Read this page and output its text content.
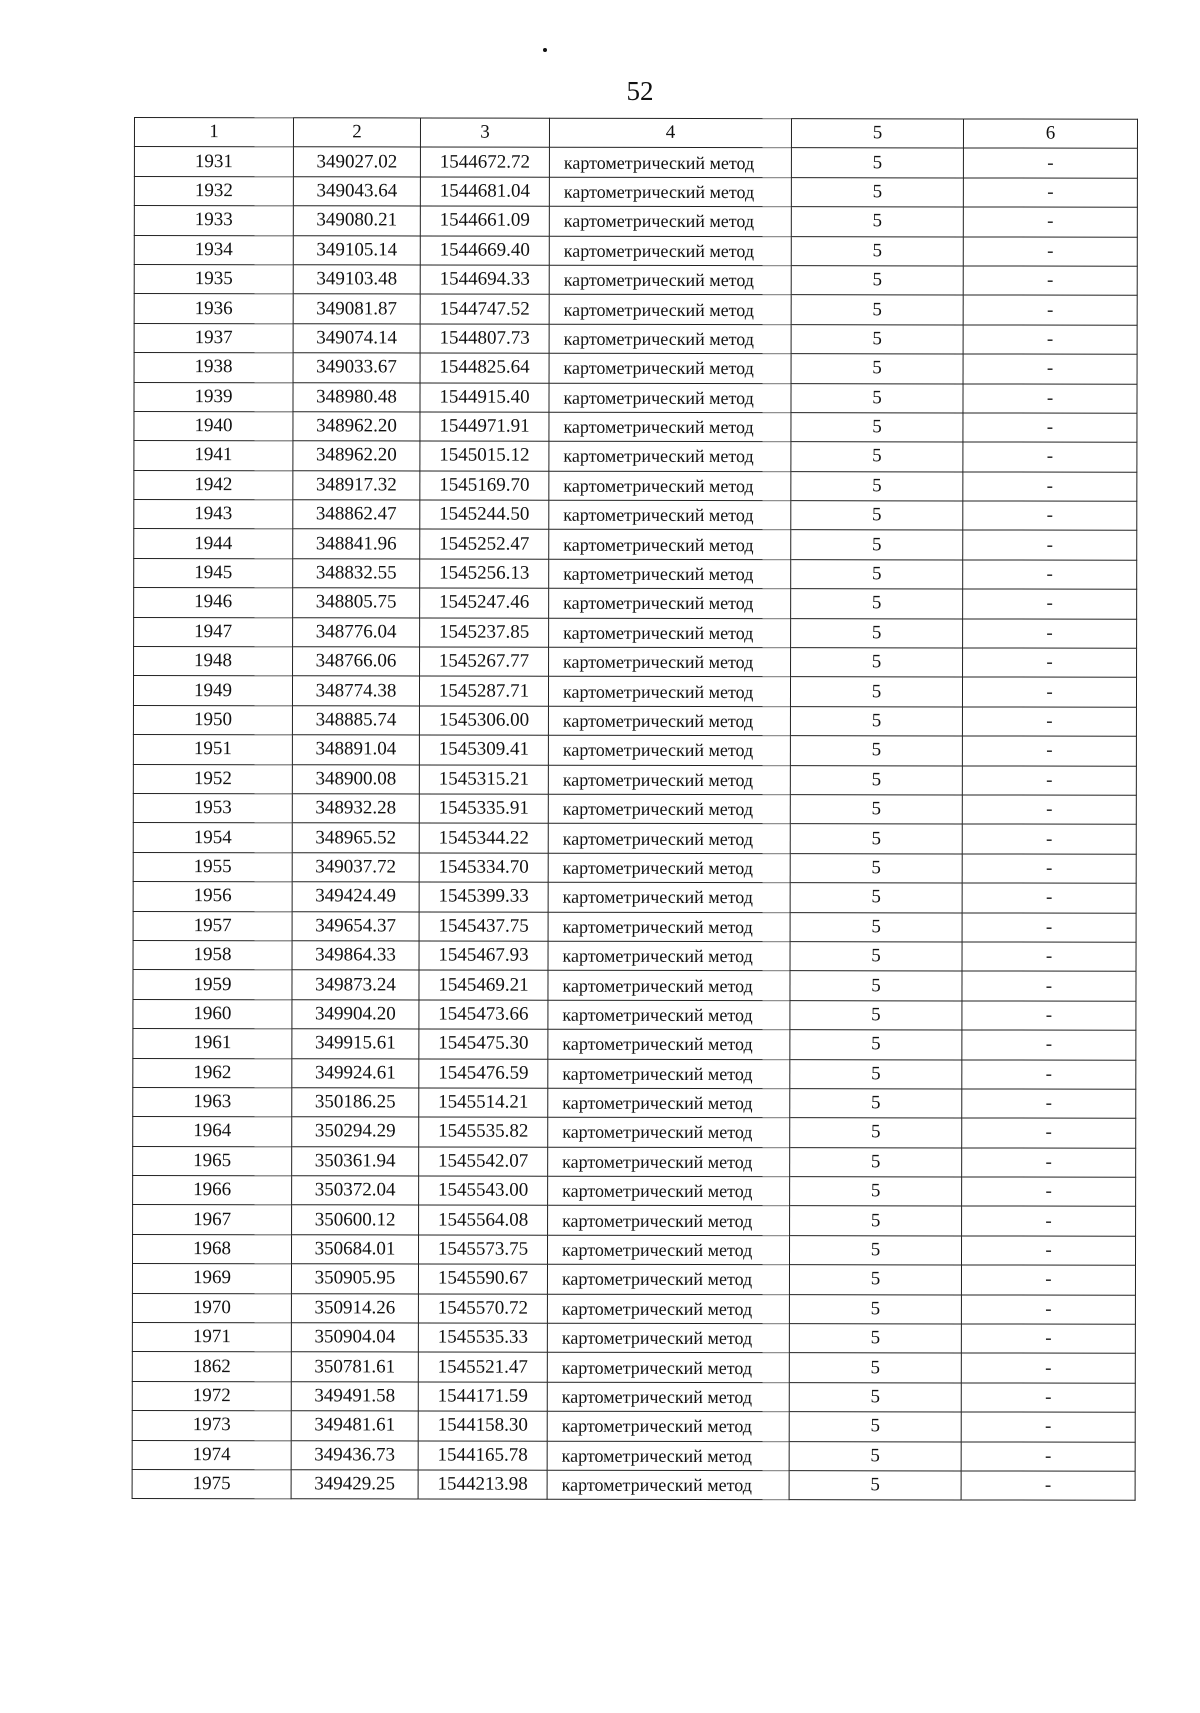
52
1	2	3	4	5	6
1931	349027.02	1544672.72	картометрический метод	5	-
1932	349043.64	1544681.04	картометрический метод	5	-
1933	349080.21	1544661.09	картометрический метод	5	-
1934	349105.14	1544669.40	картометрический метод	5	-
1935	349103.48	1544694.33	картометрический метод	5	-
1936	349081.87	1544747.52	картометрический метод	5	-
1937	349074.14	1544807.73	картометрический метод	5	-
1938	349033.67	1544825.64	картометрический метод	5	-
1939	348980.48	1544915.40	картометрический метод	5	-
1940	348962.20	1544971.91	картометрический метод	5	-
1941	348962.20	1545015.12	картометрический метод	5	-
1942	348917.32	1545169.70	картометрический метод	5	-
1943	348862.47	1545244.50	картометрический метод	5	-
1944	348841.96	1545252.47	картометрический метод	5	-
1945	348832.55	1545256.13	картометрический метод	5	-
1946	348805.75	1545247.46	картометрический метод	5	-
1947	348776.04	1545237.85	картометрический метод	5	-
1948	348766.06	1545267.77	картометрический метод	5	-
1949	348774.38	1545287.71	картометрический метод	5	-
1950	348885.74	1545306.00	картометрический метод	5	-
1951	348891.04	1545309.41	картометрический метод	5	-
1952	348900.08	1545315.21	картометрический метод	5	-
1953	348932.28	1545335.91	картометрический метод	5	-
1954	348965.52	1545344.22	картометрический метод	5	-
1955	349037.72	1545334.70	картометрический метод	5	-
1956	349424.49	1545399.33	картометрический метод	5	-
1957	349654.37	1545437.75	картометрический метод	5	-
1958	349864.33	1545467.93	картометрический метод	5	-
1959	349873.24	1545469.21	картометрический метод	5	-
1960	349904.20	1545473.66	картометрический метод	5	-
1961	349915.61	1545475.30	картометрический метод	5	-
1962	349924.61	1545476.59	картометрический метод	5	-
1963	350186.25	1545514.21	картометрический метод	5	-
1964	350294.29	1545535.82	картометрический метод	5	-
1965	350361.94	1545542.07	картометрический метод	5	-
1966	350372.04	1545543.00	картометрический метод	5	-
1967	350600.12	1545564.08	картометрический метод	5	-
1968	350684.01	1545573.75	картометрический метод	5	-
1969	350905.95	1545590.67	картометрический метод	5	-
1970	350914.26	1545570.72	картометрический метод	5	-
1971	350904.04	1545535.33	картометрический метод	5	-
1862	350781.61	1545521.47	картометрический метод	5	-
1972	349491.58	1544171.59	картометрический метод	5	-
1973	349481.61	1544158.30	картометрический метод	5	-
1974	349436.73	1544165.78	картометрический метод	5	-
1975	349429.25	1544213.98	картометрический метод	5	-
